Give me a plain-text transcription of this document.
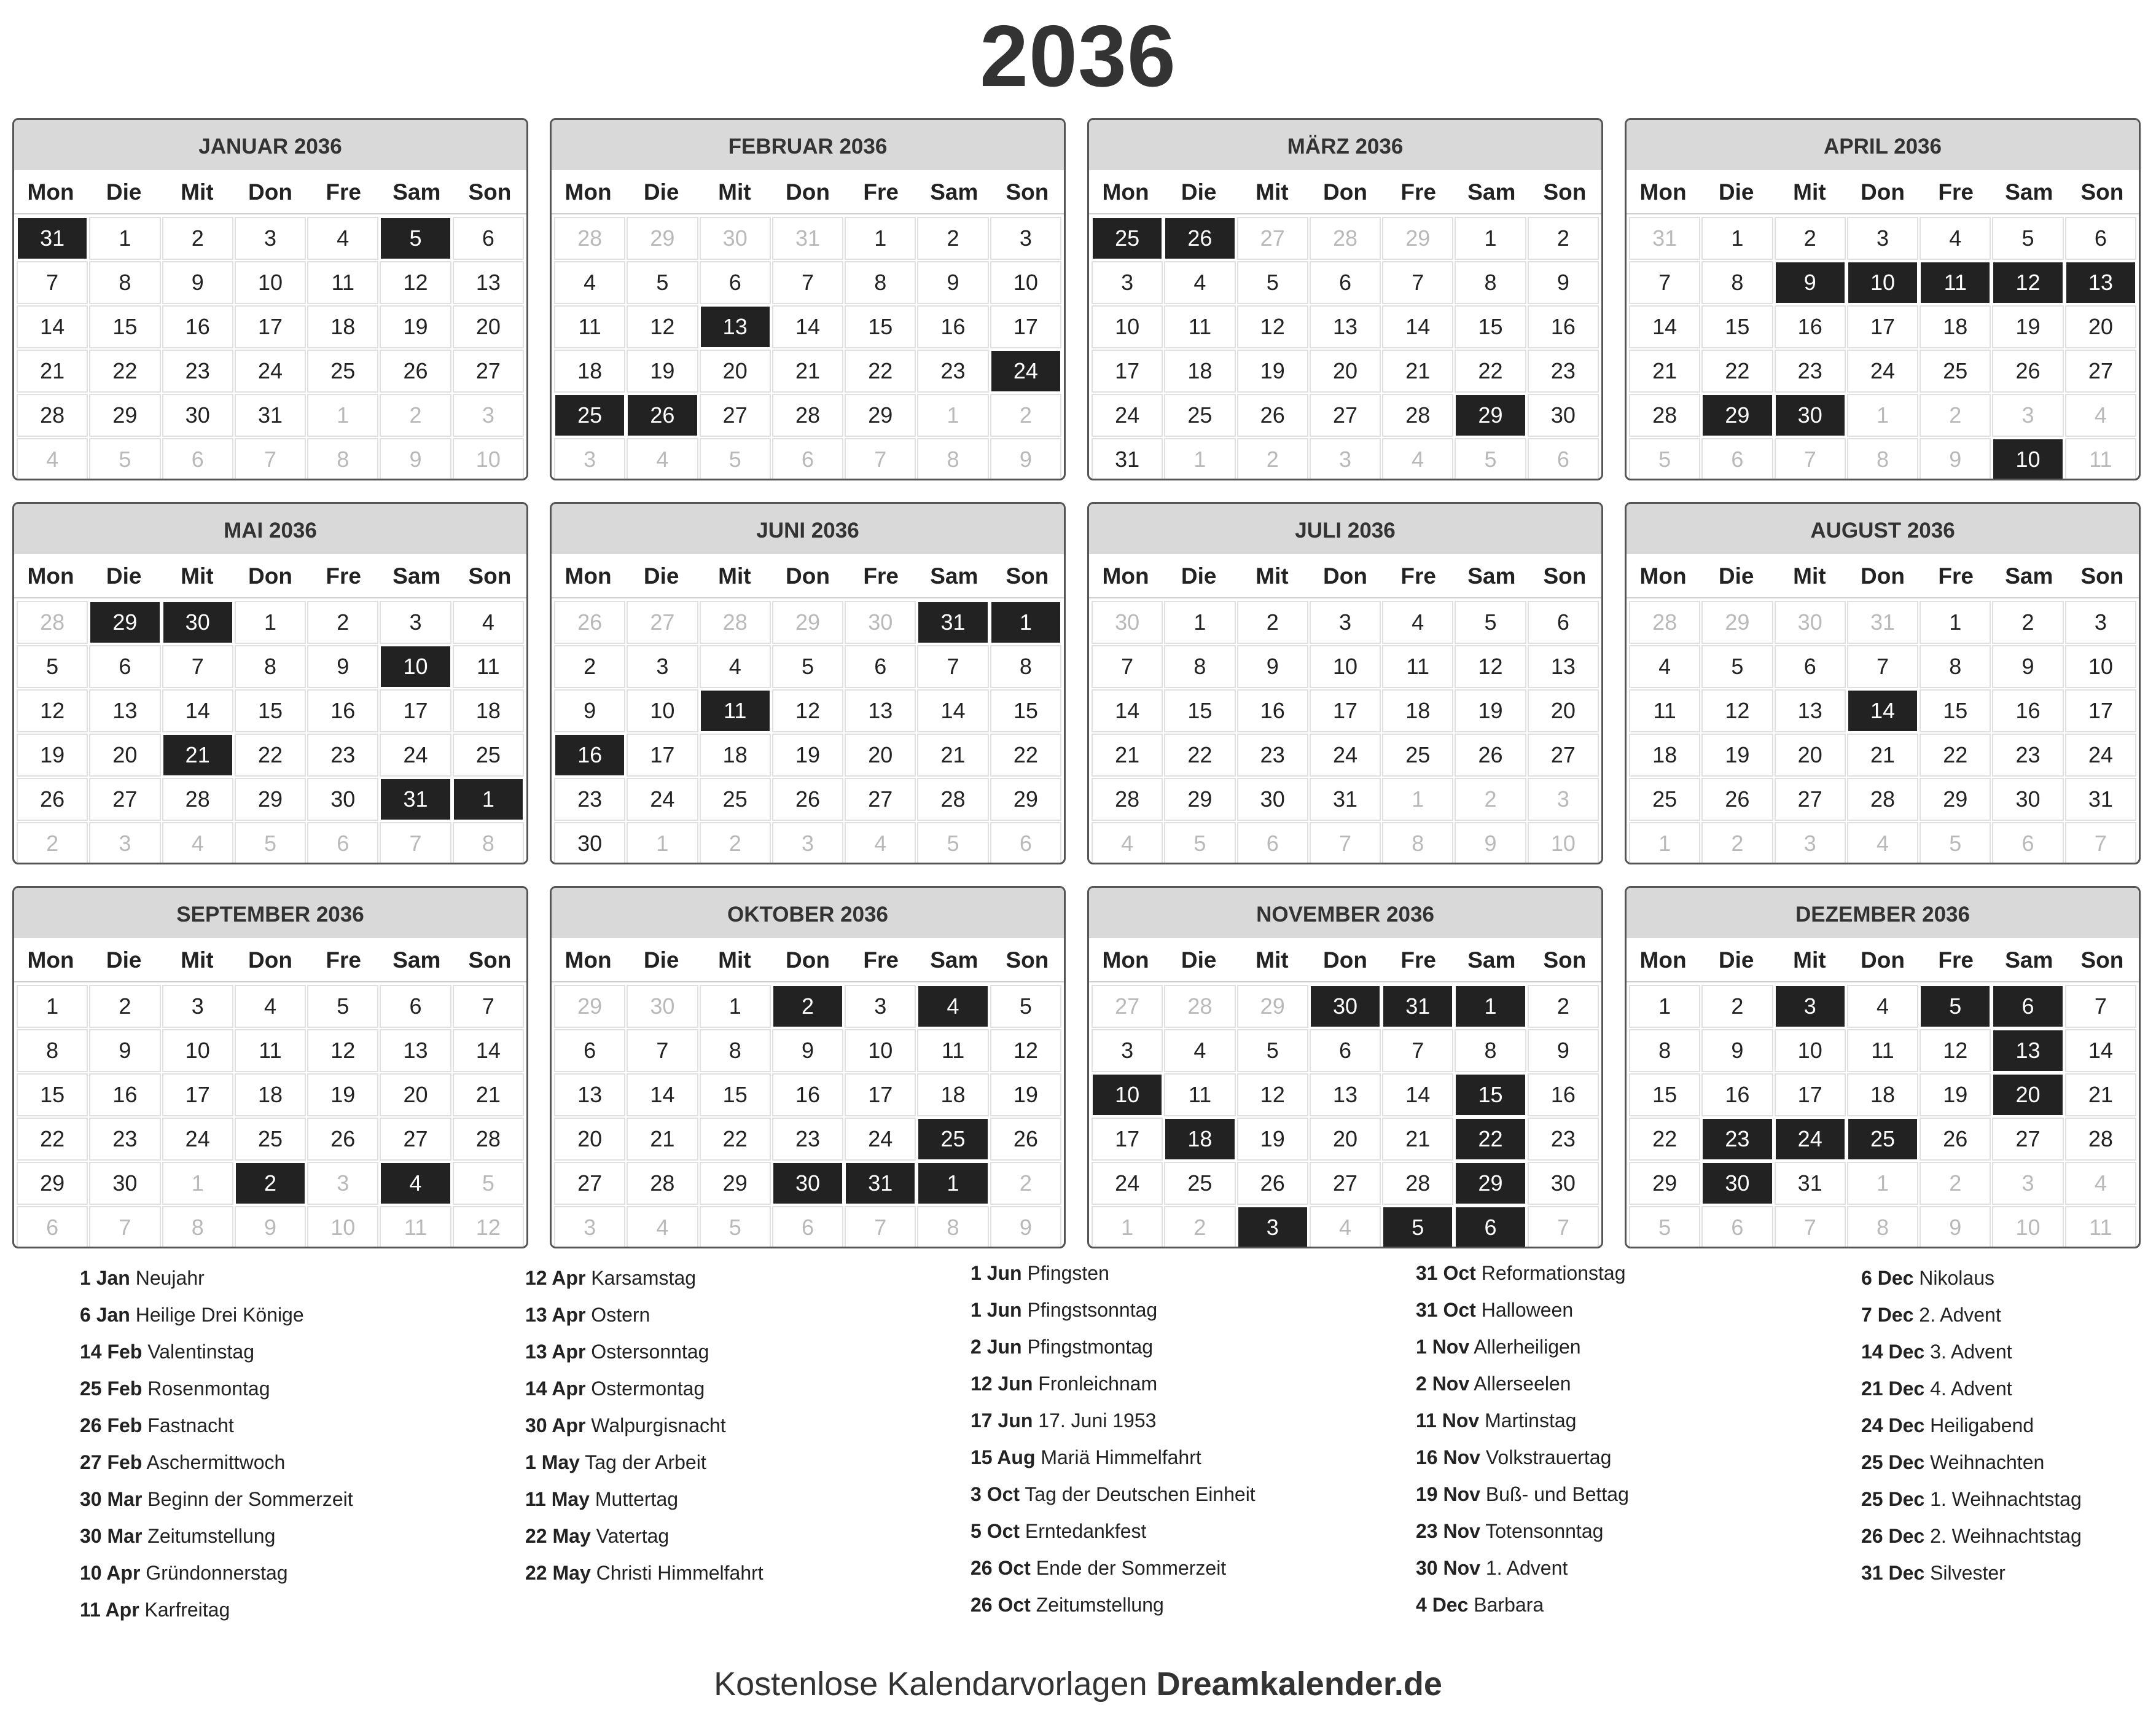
2036
JANUAR 2036
Mon	Die	Mit	Don	Fre	Sam	Son
31	1	2	3	4	5	6
7	8	9	10	11	12	13
14	15	16	17	18	19	20
21	22	23	24	25	26	27
28	29	30	31	1	2	3
4	5	6	7	8	9	10
FEBRUAR 2036
Mon	Die	Mit	Don	Fre	Sam	Son
28	29	30	31	1	2	3
4	5	6	7	8	9	10
11	12	13	14	15	16	17
18	19	20	21	22	23	24
25	26	27	28	29	1	2
3	4	5	6	7	8	9
MÄRZ 2036
Mon	Die	Mit	Don	Fre	Sam	Son
25	26	27	28	29	1	2
3	4	5	6	7	8	9
10	11	12	13	14	15	16
17	18	19	20	21	22	23
24	25	26	27	28	29	30
31	1	2	3	4	5	6
APRIL 2036
Mon	Die	Mit	Don	Fre	Sam	Son
31	1	2	3	4	5	6
7	8	9	10	11	12	13
14	15	16	17	18	19	20
21	22	23	24	25	26	27
28	29	30	1	2	3	4
5	6	7	8	9	10	11
MAI 2036
Mon	Die	Mit	Don	Fre	Sam	Son
28	29	30	1	2	3	4
5	6	7	8	9	10	11
12	13	14	15	16	17	18
19	20	21	22	23	24	25
26	27	28	29	30	31	1
2	3	4	5	6	7	8
JUNI 2036
Mon	Die	Mit	Don	Fre	Sam	Son
26	27	28	29	30	31	1
2	3	4	5	6	7	8
9	10	11	12	13	14	15
16	17	18	19	20	21	22
23	24	25	26	27	28	29
30	1	2	3	4	5	6
JULI 2036
Mon	Die	Mit	Don	Fre	Sam	Son
30	1	2	3	4	5	6
7	8	9	10	11	12	13
14	15	16	17	18	19	20
21	22	23	24	25	26	27
28	29	30	31	1	2	3
4	5	6	7	8	9	10
AUGUST 2036
Mon	Die	Mit	Don	Fre	Sam	Son
28	29	30	31	1	2	3
4	5	6	7	8	9	10
11	12	13	14	15	16	17
18	19	20	21	22	23	24
25	26	27	28	29	30	31
1	2	3	4	5	6	7
SEPTEMBER 2036
Mon	Die	Mit	Don	Fre	Sam	Son
1	2	3	4	5	6	7
8	9	10	11	12	13	14
15	16	17	18	19	20	21
22	23	24	25	26	27	28
29	30	1	2	3	4	5
6	7	8	9	10	11	12
OKTOBER 2036
Mon	Die	Mit	Don	Fre	Sam	Son
29	30	1	2	3	4	5
6	7	8	9	10	11	12
13	14	15	16	17	18	19
20	21	22	23	24	25	26
27	28	29	30	31	1	2
3	4	5	6	7	8	9
NOVEMBER 2036
Mon	Die	Mit	Don	Fre	Sam	Son
27	28	29	30	31	1	2
3	4	5	6	7	8	9
10	11	12	13	14	15	16
17	18	19	20	21	22	23
24	25	26	27	28	29	30
1	2	3	4	5	6	7
DEZEMBER 2036
Mon	Die	Mit	Don	Fre	Sam	Son
1	2	3	4	5	6	7
8	9	10	11	12	13	14
15	16	17	18	19	20	21
22	23	24	25	26	27	28
29	30	31	1	2	3	4
5	6	7	8	9	10	11
1 Jan Neujahr
6 Jan Heilige Drei Könige
14 Feb Valentinstag
25 Feb Rosenmontag
26 Feb Fastnacht
27 Feb Aschermittwoch
30 Mar Beginn der Sommerzeit
30 Mar Zeitumstellung
10 Apr Gründonnerstag
11 Apr Karfreitag
12 Apr Karsamstag
13 Apr Ostern
13 Apr Ostersonntag
14 Apr Ostermontag
30 Apr Walpurgisnacht
1 May Tag der Arbeit
11 May Muttertag
22 May Vatertag
22 May Christi Himmelfahrt
1 Jun Pfingsten
1 Jun Pfingstsonntag
2 Jun Pfingstmontag
12 Jun Fronleichnam
17 Jun 17. Juni 1953
15 Aug Mariä Himmelfahrt
3 Oct Tag der Deutschen Einheit
5 Oct Erntedankfest
26 Oct Ende der Sommerzeit
26 Oct Zeitumstellung
31 Oct Reformationstag
31 Oct Halloween
1 Nov Allerheiligen
2 Nov Allerseelen
11 Nov Martinstag
16 Nov Volkstrauertag
19 Nov Buß- und Bettag
23 Nov Totensonntag
30 Nov 1. Advent
4 Dec Barbara
6 Dec Nikolaus
7 Dec 2. Advent
14 Dec 3. Advent
21 Dec 4. Advent
24 Dec Heiligabend
25 Dec Weihnachten
25 Dec 1. Weihnachtstag
26 Dec 2. Weihnachtstag
31 Dec Silvester
Kostenlose Kalendarvorlagen Dreamkalender.de
